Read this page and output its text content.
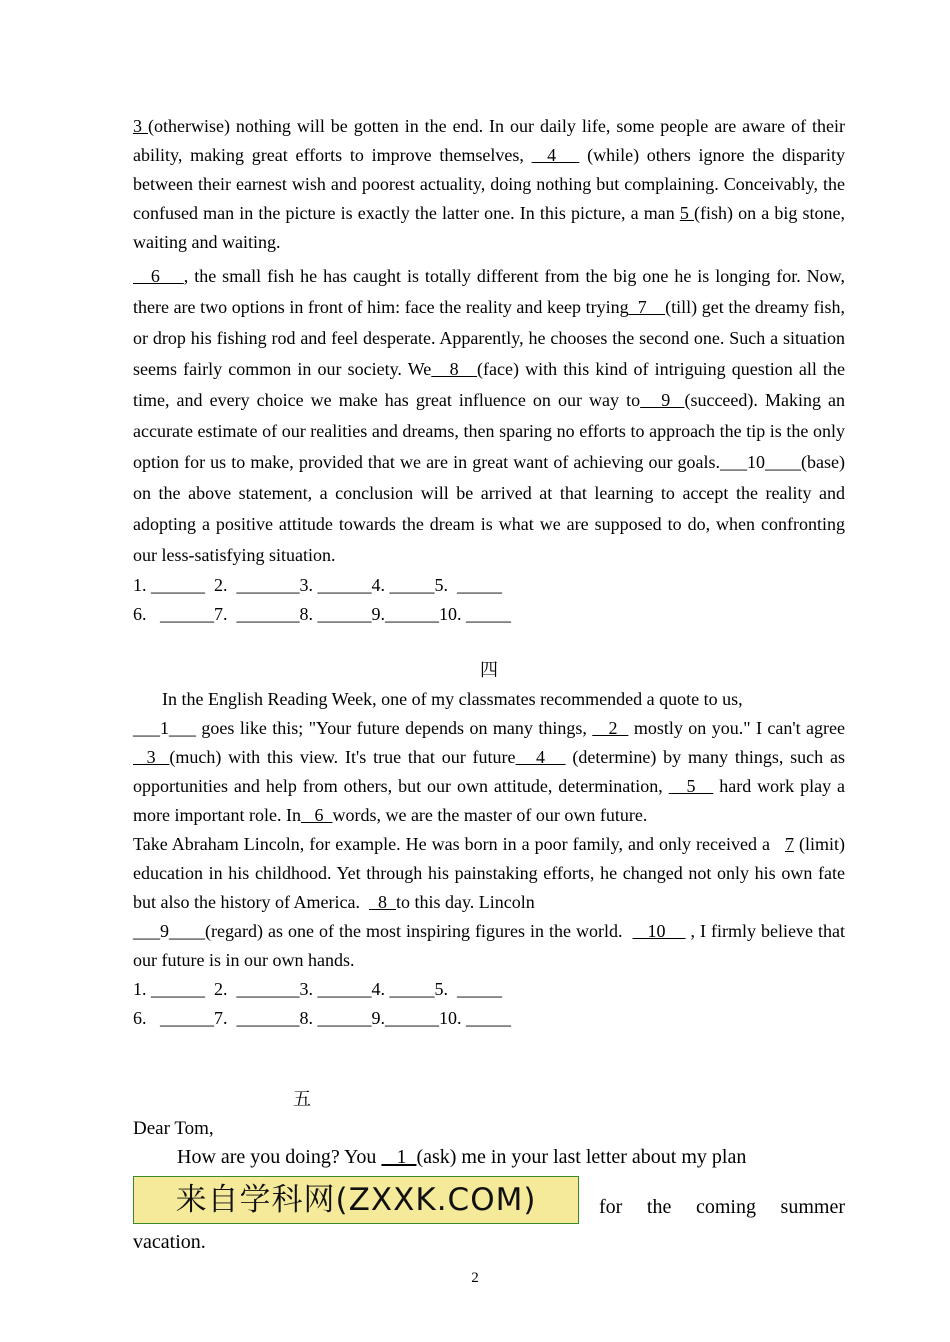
3 (otherwise) nothing will be gotten in the end. In our daily life, some people are aware of their ability, making great efforts to improve themselves,   4    (while) others ignore the disparity between their earnest wish and poorest actuality, doing nothing but complaining. Conceivably, the confused man in the picture is exactly the latter one. In this picture, a man 5 (fish) on a big stone, waiting and waiting.

6    , the small fish he has caught is totally different from the big one he is longing for. Now, there are two options in front of him: face the reality and keep trying  7    (till) get the dreamy fish, or drop his fishing rod and feel desperate. Apparently, he chooses the second one. Such a situation seems fairly common in our society. We   8   (face) with this kind of intriguing question all the time, and every choice we make has great influence on our way to   9  (succeed). Making an accurate estimate of our realities and dreams, then sparing no efforts to approach the tip is the only option for us to make, provided that we are in great want of achieving our goals.___10____(base) on the above statement, a conclusion will be arrived at that learning to accept the reality and adopting a positive attitude towards the dream is what we are supposed to do, when confronting our less-satisfying situation.

1. ______  2.  _______3. ______4. _____5.  _____

6.   ______7.  _______8. ______9.______10. _____

四

In the English Reading Week, one of my classmates recommended a quote to us,

___1___ goes like this; "Your future depends on many things,    2   mostly on you." I can't agree   3  (much) with this view. It's true that our future   4    (determine) by many things, such as opportunities and help from others, but our own attitude, determination,    5    hard work play a more important role. In   6  words, we are the master of our own future.

Take Abraham Lincoln, for example. He was born in a poor family, and only received a   7 (limit) education in his childhood. Yet through his painstaking efforts, he changed not only his own fate but also the history of America.    8  to this day. Lincoln

___9____(regard) as one of the most inspiring figures in the world.     10     , I firmly believe that our future is in our own hands.

1. ______  2.  _______3. ______4. _____5.  _____

6.   ______7.  _______8. ______9.______10. _____

五

Dear Tom,

How are you doing? You    1  (ask) me in your last letter about my plan

来自学科网(ZXXK.COM)	for the coming summer

vacation.

2
